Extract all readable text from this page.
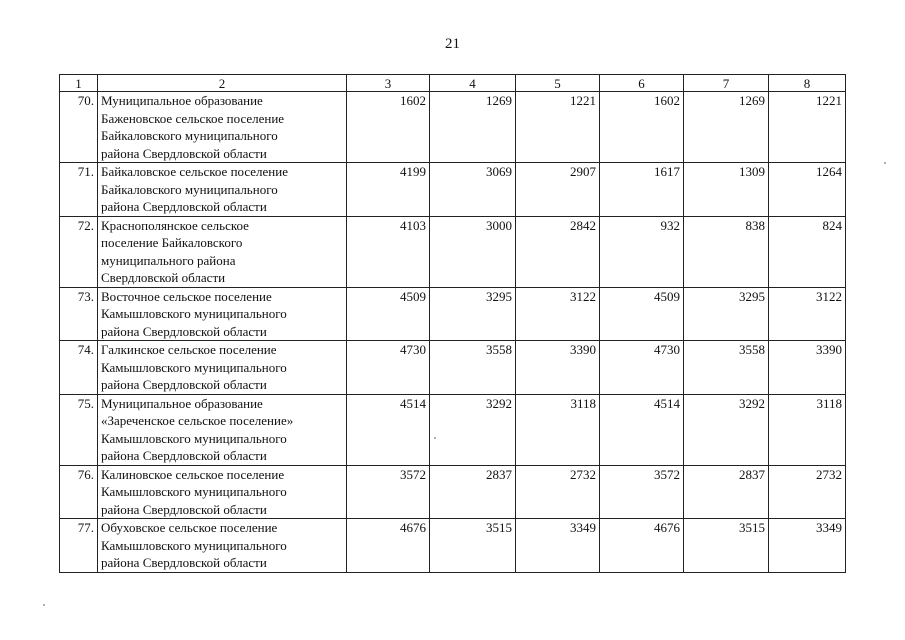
21
1	2	3	4	5	6	7	8
70.	Муниципальное образование
Баженовское сельское поселение
Байкаловского муниципального
района Свердловской области	1602	1269	1221	1602	1269	1221
71.	Байкаловское сельское поселение
Байкаловского муниципального
района Свердловской области	4199	3069	2907	1617	1309	1264
72.	Краснополянское сельское
поселение Байкаловского
муниципального района
Свердловской области	4103	3000	2842	932	838	824
73.	Восточное сельское поселение
Камышловского муниципального
района Свердловской области	4509	3295	3122	4509	3295	3122
74.	Галкинское сельское поселение
Камышловского муниципального
района Свердловской области	4730	3558	3390	4730	3558	3390
75.	Муниципальное образование
«Зареченское сельское поселение»
Камышловского муниципального
района Свердловской области	4514	3292	3118	4514	3292	3118
76.	Калиновское сельское поселение
Камышловского муниципального
района Свердловской области	3572	2837	2732	3572	2837	2732
77.	Обуховское сельское поселение
Камышловского муниципального
района Свердловской области	4676	3515	3349	4676	3515	3349
